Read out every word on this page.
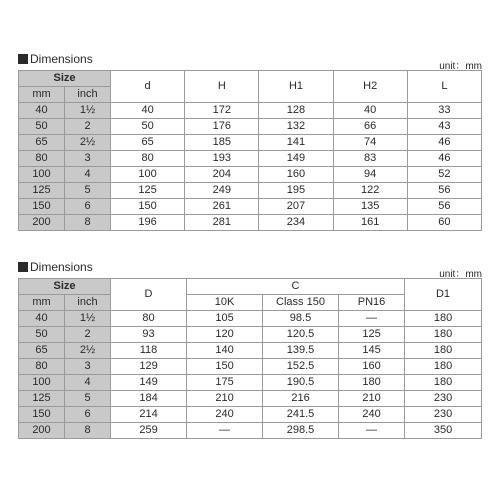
Dimensions
unit：mm
Size		d	H	H1	H2	L
mm	inch					
40	1½	40	172	128	40	33
50	2	50	176	132	66	43
65	2½	65	185	141	74	46
80	3	80	193	149	83	46
100	4	100	204	160	94	52
125	5	125	249	195	122	56
150	6	150	261	207	135	56
200	8	196	281	234	161	60
Dimensions
unit：mm
Size		D	C			D1
mm	inch		10K	Class 150	PN16	
40	1½	80	105	98.5	—	180
50	2	93	120	120.5	125	180
65	2½	118	140	139.5	145	180
80	3	129	150	152.5	160	180
100	4	149	175	190.5	180	180
125	5	184	210	216	210	230
150	6	214	240	241.5	240	230
200	8	259	—	298.5	—	350
